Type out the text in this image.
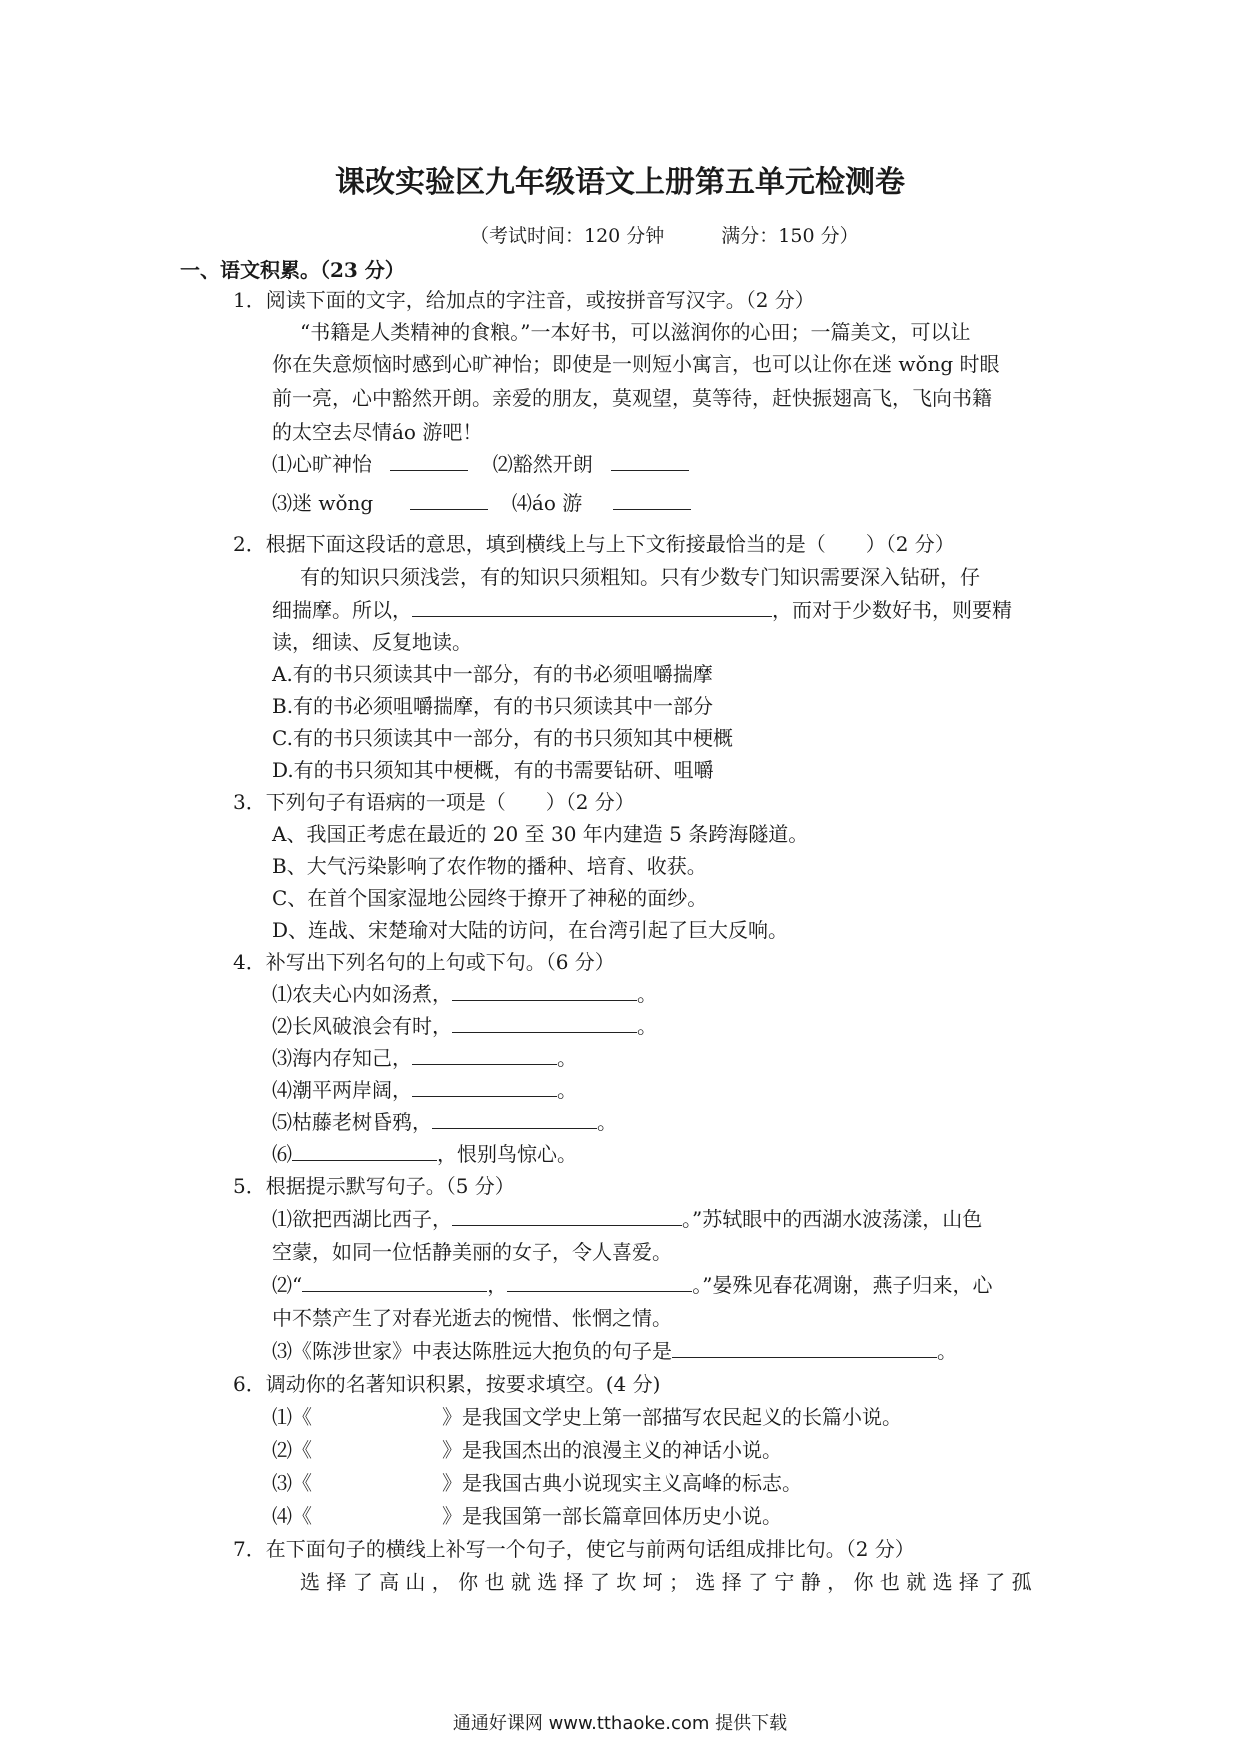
课改实验区九年级语文上册第五单元检测卷
（考试时间：120 分钟　　　满分：150 分）
一、语文积累。（23 分）
1．阅读下面的文字，给加点的字注音，或按拼音写汉字。（2 分）
“书籍是人类精神的食粮。”一本好书，可以滋润你的心田；一篇美文，可以让
你在失意烦恼时感到心旷神怡；即使是一则短小寓言，也可以让你在迷 wǒng 时眼
前一亮，心中豁然开朗。亲爱的朋友，莫观望，莫等待，赶快振翅高飞，飞向书籍
的太空去尽情áo 游吧！
⑴心旷神怡	⑵豁然开朗
⑶迷 wǒng	⑷áo 游
2．根据下面这段话的意思，填到横线上与上下文衔接最恰当的是（　　）（2 分）
有的知识只须浅尝，有的知识只须粗知。只有少数专门知识需要深入钻研，仔
细揣摩。所以，	，而对于少数好书，则要精
读，细读、反复地读。
A.有的书只须读其中一部分，有的书必须咀嚼揣摩
B.有的书必须咀嚼揣摩，有的书只须读其中一部分
C.有的书只须读其中一部分，有的书只须知其中梗概
D.有的书只须知其中梗概，有的书需要钻研、咀嚼
3．下列句子有语病的一项是（　　）（2 分）
A、我国正考虑在最近的 20 至 30 年内建造 5 条跨海隧道。
B、大气污染影响了农作物的播种、培育、收获。
C、在首个国家湿地公园终于撩开了神秘的面纱。
D、连战、宋楚瑜对大陆的访问，在台湾引起了巨大反响。
4．补写出下列名句的上句或下句。（6 分）
⑴农夫心内如汤煮，	。
⑵长风破浪会有时，	。
⑶海内存知己，	。
⑷潮平两岸阔，	。
⑸枯藤老树昏鸦，	。
⑹	，恨别鸟惊心。
5．根据提示默写句子。（5 分）
⑴欲把西湖比西子，	。”苏轼眼中的西湖水波荡漾，山色
空蒙，如同一位恬静美丽的女子，令人喜爱。
⑵“	，	。”晏殊见春花凋谢，燕子归来，心
中不禁产生了对春光逝去的惋惜、怅惘之情。
⑶《陈涉世家》中表达陈胜远大抱负的句子是	。
6．调动你的名著知识积累，按要求填空。(4 分)
⑴《	》是我国文学史上第一部描写农民起义的长篇小说。
⑵《	》是我国杰出的浪漫主义的神话小说。
⑶《	》是我国古典小说现实主义高峰的标志。
⑷《	》是我国第一部长篇章回体历史小说。
7．在下面句子的横线上补写一个句子，使它与前两句话组成排比句。（2 分）
选 择 了 高 山 ， 你 也 就 选 择 了 坎 坷 ； 选 择 了 宁 静 ， 你 也 就 选 择 了 孤
通通好课网 www.tthaoke.com 提供下载
